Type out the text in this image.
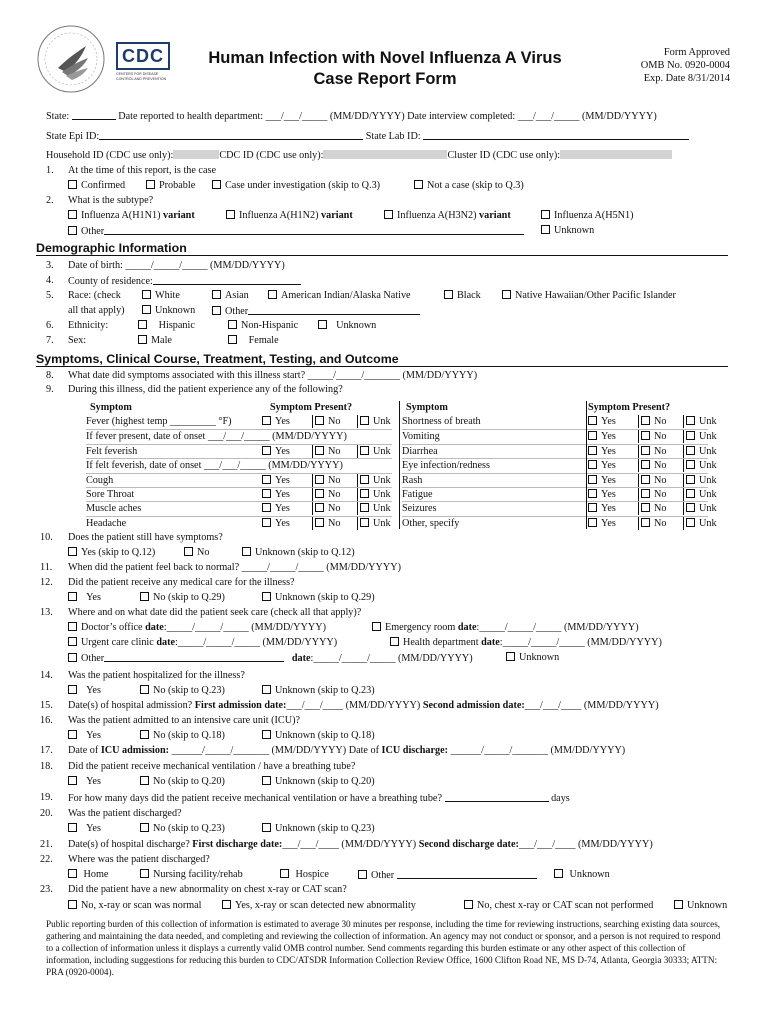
CDC
CENTERS FOR DISEASE CONTROL AND PREVENTION
Human Infection with Novel Influenza A Virus
Case Report Form
Form Approved
OMB No. 0920-0004
Exp. Date 8/31/2014
State:	Date reported to health department: ___/___/_____ (MM/DD/YYYY) Date interview completed: ___/___/_____ (MM/DD/YYYY)
State Epi ID:	State Lab ID:
Household ID (CDC use only):	CDC ID (CDC use only):	Cluster ID (CDC use only):
1. At the time of this report, is the case
Confirmed	Probable	Case under investigation (skip to Q.3)	Not a case (skip to Q.3)
2. What is the subtype?
Influenza A(H1N1) variant	Influenza A(H1N2) variant	Influenza A(H3N2) variant	Influenza A(H5N1)
Other	Unknown
Demographic Information
3. Date of birth: _____/_____/_____ (MM/DD/YYYY)
4. County of residence:
5. Race: (check	White	Asian	American Indian/Alaska Native	Black	Native Hawaiian/Other Pacific Islander
all that apply)	Unknown	Other
6. Ethnicity:	Hispanic	Non-Hispanic	Unknown
7. Sex:	Male	Female
Symptoms, Clinical Course, Treatment, Testing, and Outcome
8. What date did symptoms associated with this illness start? _____/_____/_______ (MM/DD/YYYY)
9. During this illness, did the patient experience any of the following?
Symptom	Symptom Present?	Symptom	Symptom Present?
Fever (highest temp _________ °F)	Yes	No	Unk
If fever present, date of onset ___/___/_____ (MM/DD/YYYY)
Felt feverish	Yes	No	Unk
If felt feverish, date of onset ___/___/_____ (MM/DD/YYYY)
Cough	Yes	No	Unk
Sore Throat	Yes	No	Unk
Muscle aches	Yes	No	Unk
Headache	Yes	No	Unk
Shortness of breath	Yes	No	Unk
Vomiting	Yes	No	Unk
Diarrhea	Yes	No	Unk
Eye infection/redness	Yes	No	Unk
Rash	Yes	No	Unk
Fatigue	Yes	No	Unk
Seizures	Yes	No	Unk
Other, specify	Yes	No	Unk
10. Does the patient still have symptoms?
Yes (skip to Q.12)	No	Unknown (skip to Q.12)
11. When did the patient feel back to normal? _____/_____/_____ (MM/DD/YYYY)
12. Did the patient receive any medical care for the illness?
Yes	No (skip to Q.29)	Unknown (skip to Q.29)
13. Where and on what date did the patient seek care (check all that apply)?
Doctor’s office date:_____/_____/_____ (MM/DD/YYYY)	Emergency room date:_____/_____/_____ (MM/DD/YYYY)
Urgent care clinic date:_____/_____/_____ (MM/DD/YYYY)	Health department date:_____/_____/_____ (MM/DD/YYYY)
Other	date:_____/_____/_____ (MM/DD/YYYY)	Unknown
14. Was the patient hospitalized for the illness?
Yes	No (skip to Q.23)	Unknown (skip to Q.23)
15. Date(s) of hospital admission? First admission date:___/___/____ (MM/DD/YYYY) Second admission date:___/___/____ (MM/DD/YYYY)
16. Was the patient admitted to an intensive care unit (ICU)?
Yes	No (skip to Q.18)	Unknown (skip to Q.18)
17. Date of ICU admission: ______/_____/_______ (MM/DD/YYYY) Date of ICU discharge: ______/_____/_______ (MM/DD/YYYY)
18. Did the patient receive mechanical ventilation / have a breathing tube?
Yes	No (skip to Q.20)	Unknown (skip to Q.20)
19. For how many days did the patient receive mechanical ventilation or have a breathing tube?	days
20. Was the patient discharged?
Yes	No (skip to Q.23)	Unknown (skip to Q.23)
21. Date(s) of hospital discharge? First discharge date:___/___/____ (MM/DD/YYYY) Second discharge date:___/___/____ (MM/DD/YYYY)
22. Where was the patient discharged?
Home	Nursing facility/rehab	Hospice	Other	Unknown
23. Did the patient have a new abnormality on chest x-ray or CAT scan?
No, x-ray or scan was normal	Yes, x-ray or scan detected new abnormality	No, chest x-ray or CAT scan not performed	Unknown
Public reporting burden of this collection of information is estimated to average 30 minutes per response, including the time for reviewing instructions, searching existing data sources, gathering and maintaining the data needed, and completing and reviewing the collection of information. An agency may not conduct or sponsor, and a person is not required to respond to a collection of information unless it displays a currently valid OMB control number. Send comments regarding this burden estimate or any other aspect of this collection of information, including suggestions for reducing this burden to CDC/ATSDR Information Collection Review Office, 1600 Clifton Road NE, MS D-74, Atlanta, Georgia 30333; ATTN: PRA (0920-0004).
